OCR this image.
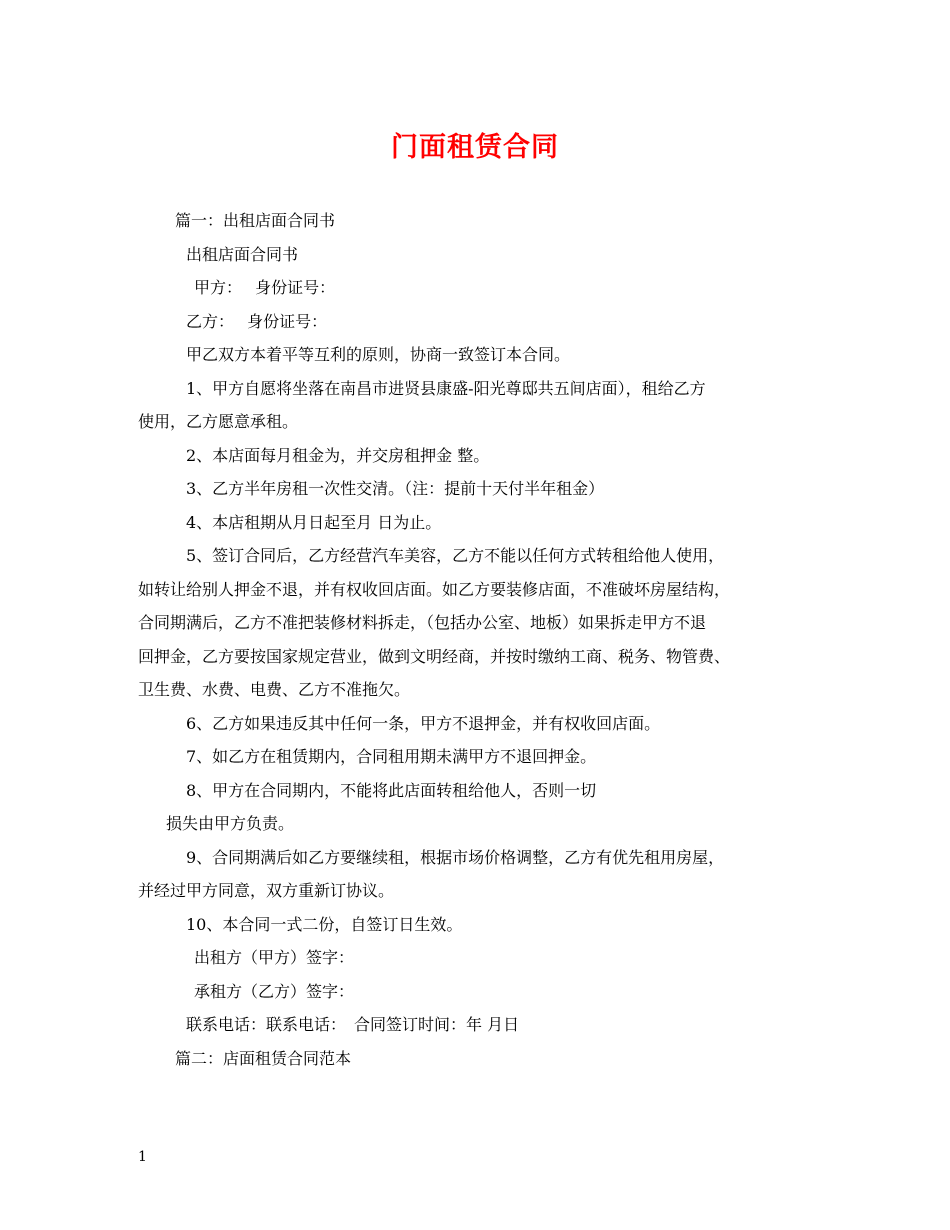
门面租赁合同

篇一：出租店面合同书

出租店面合同书

甲方：　 身份证号：

乙方：　 身份证号：

甲乙双方本着平等互利的原则，协商一致签订本合同。

1、甲方自愿将坐落在南昌市进贤县康盛-阳光尊邸共五间店面），租给乙方

使用，乙方愿意承租。

2、本店面每月租金为，并交房租押金 整。

3、乙方半年房租一次性交清。（注：提前十天付半年租金）

4、本店租期从月日起至月 日为止。

5、签订合同后，乙方经营汽车美容，乙方不能以任何方式转租给他人使用，

如转让给别人押金不退，并有权收回店面。如乙方要装修店面，不准破坏房屋结构，

合同期满后，乙方不准把装修材料拆走，（包括办公室、地板）如果拆走甲方不退

回押金，乙方要按国家规定营业，做到文明经商，并按时缴纳工商、税务、物管费、

卫生费、水费、电费、乙方不准拖欠。

6、乙方如果违反其中任何一条，甲方不退押金，并有权收回店面。

7、如乙方在租赁期内，合同租用期未满甲方不退回押金。

8、甲方在合同期内，不能将此店面转租给他人，否则一切

损失由甲方负责。

9、合同期满后如乙方要继续租，根据市场价格调整，乙方有优先租用房屋，

并经过甲方同意，双方重新订协议。

10、本合同一式二份，自签订日生效。

出租方（甲方）签字：

承租方（乙方）签字：

联系电话：联系电话：　合同签订时间：年 月日

篇二：店面租赁合同范本

1
